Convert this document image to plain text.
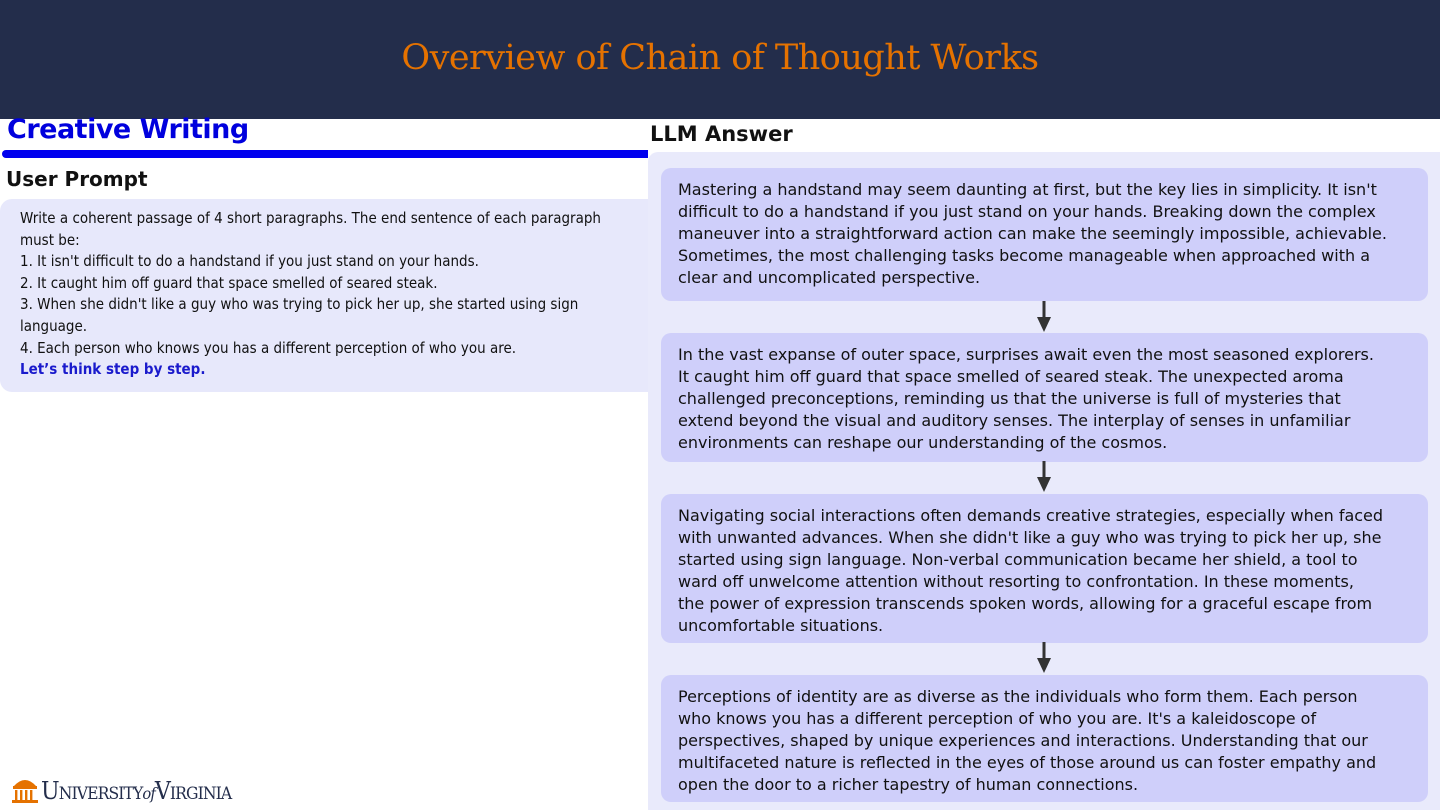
Overview of Chain of Thought Works
Creative Writing
User Prompt
Write a coherent passage of 4 short paragraphs. The end sentence of each paragraph
must be:
1. It isn't difficult to do a handstand if you just stand on your hands.
2. It caught him off guard that space smelled of seared steak.
3. When she didn't like a guy who was trying to pick her up, she started using sign
language.
4. Each person who knows you has a different perception of who you are.
Let’s think step by step.
LLM Answer
Mastering a handstand may seem daunting at first, but the key lies in simplicity. It isn't
difficult to do a handstand if you just stand on your hands. Breaking down the complex
maneuver into a straightforward action can make the seemingly impossible, achievable.
Sometimes, the most challenging tasks become manageable when approached with a
clear and uncomplicated perspective.
In the vast expanse of outer space, surprises await even the most seasoned explorers.
It caught him off guard that space smelled of seared steak. The unexpected aroma
challenged preconceptions, reminding us that the universe is full of mysteries that
extend beyond the visual and auditory senses. The interplay of senses in unfamiliar
environments can reshape our understanding of the cosmos.
Navigating social interactions often demands creative strategies, especially when faced
with unwanted advances. When she didn't like a guy who was trying to pick her up, she
started using sign language. Non-verbal communication became her shield, a tool to
ward off unwelcome attention without resorting to confrontation. In these moments,
the power of expression transcends spoken words, allowing for a graceful escape from
uncomfortable situations.
Perceptions of identity are as diverse as the individuals who form them. Each person
who knows you has a different perception of who you are. It's a kaleidoscope of
perspectives, shaped by unique experiences and interactions. Understanding that our
multifaceted nature is reflected in the eyes of those around us can foster empathy and
open the door to a richer tapestry of human connections.
UNIVERSITYofVIRGINIA
